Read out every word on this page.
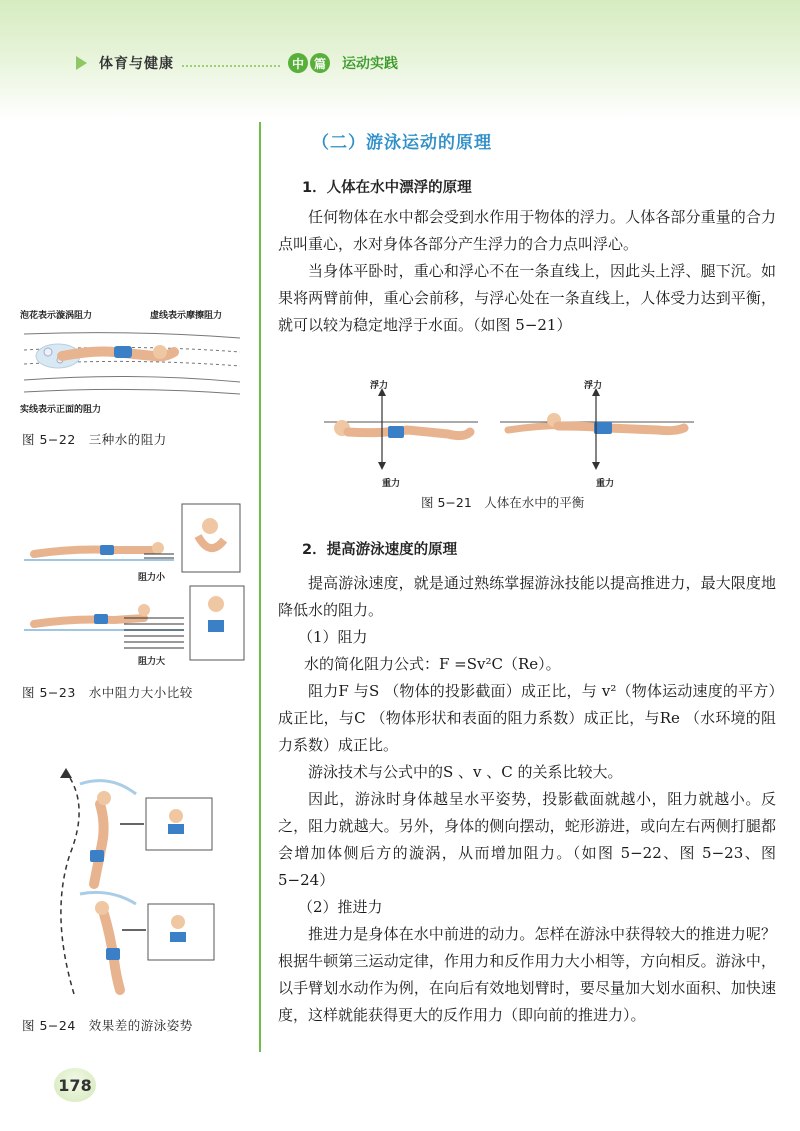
体育与健康	中 篇 运动实践
泡花表示漩涡阻力	虚线表示摩擦阻力
实线表示正面的阻力
图 5−22　三种水的阻力
阻力小
阻力大
图 5−23　水中阻力大小比较
图 5−24　效果差的游泳姿势
（二）游泳运动的原理
1．人体在水中漂浮的原理

任何物体在水中都会受到水作用于物体的浮力。人体各部分重量的合力点叫重心，水对身体各部分产生浮力的合力点叫浮心。

当身体平卧时，重心和浮心不在一条直线上，因此头上浮、腿下沉。如果将两臂前伸，重心会前移，与浮心处在一条直线上，人体受力达到平衡，就可以较为稳定地浮于水面。（如图 5−21）

浮力
重力
浮力
重力
图 5−21　人体在水中的平衡
2．提高游泳速度的原理

提高游泳速度，就是通过熟练掌握游泳技能以提高推进力，最大限度地降低水的阻力。

（1）阻力

水的简化阻力公式：F =Sv²C（Re）。

阻力F 与S （物体的投影截面）成正比，与 v²（物体运动速度的平方）成正比，与C （物体形状和表面的阻力系数）成正比，与Re （水环境的阻力系数）成正比。

游泳技术与公式中的S 、v 、C 的关系比较大。

因此，游泳时身体越呈水平姿势，投影截面就越小，阻力就越小。反之，阻力就越大。另外，身体的侧向摆动，蛇形游进，或向左右两侧打腿都会增加体侧后方的漩涡，从而增加阻力。（如图 5−22、图 5−23、图 5−24）

（2）推进力

推进力是身体在水中前进的动力。怎样在游泳中获得较大的推进力呢？根据牛顿第三运动定律，作用力和反作用力大小相等，方向相反。游泳中，以手臂划水动作为例，在向后有效地划臂时，要尽量加大划水面积、加快速度，这样就能获得更大的反作用力（即向前的推进力）。

178
